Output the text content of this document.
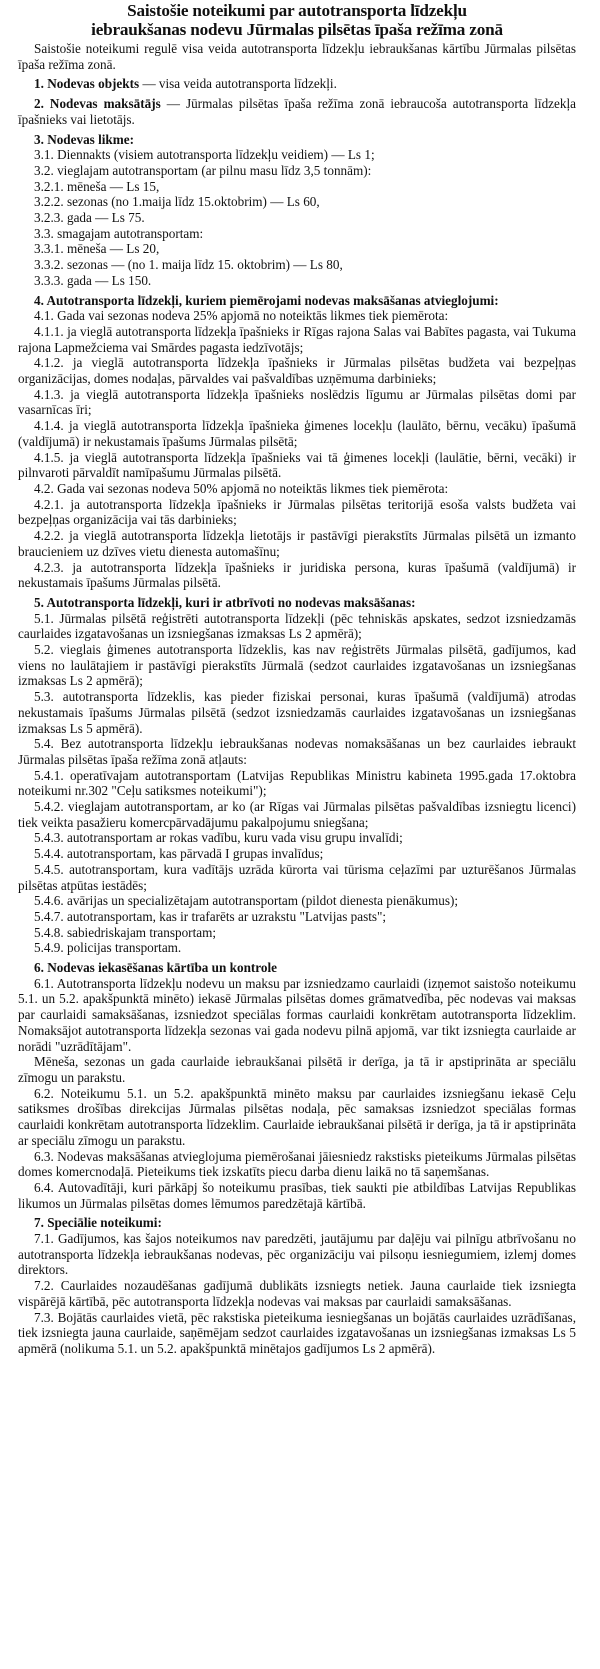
Saistošie noteikumi par autotransporta līdzekļu
iebraukšanas nodevu Jūrmalas pilsētas īpaša režīma zonā

Saistošie noteikumi regulē visa veida autotransporta līdzekļu iebraukšanas kārtību Jūrmalas pilsētas īpaša režīma zonā.

1. Nodevas objekts — visa veida autotransporta līdzekļi.

2. Nodevas maksātājs — Jūrmalas pilsētas īpaša režīma zonā iebraucoša autotransporta līdzekļa īpašnieks vai lietotājs.

3. Nodevas likme:

3.1. Diennakts (visiem autotransporta līdzekļu veidiem) — Ls 1;

3.2. vieglajam autotransportam (ar pilnu masu līdz 3,5 tonnām):

3.2.1. mēneša — Ls 15,

3.2.2. sezonas (no 1.maija līdz 15.oktobrim) — Ls 60,

3.2.3. gada — Ls 75.

3.3. smagajam autotransportam:

3.3.1. mēneša — Ls 20,

3.3.2. sezonas — (no 1. maija līdz 15. oktobrim) — Ls 80,

3.3.3. gada — Ls 150.

4. Autotransporta līdzekļi, kuriem piemērojami nodevas maksāšanas atvieglojumi:

4.1. Gada vai sezonas nodeva 25% apjomā no noteiktās likmes tiek piemērota:

4.1.1. ja vieglā autotransporta līdzekļa īpašnieks ir Rīgas rajona Salas vai Babītes pagasta, vai Tukuma rajona Lapmežciema vai Smārdes pagasta iedzīvotājs;

4.1.2. ja vieglā autotransporta līdzekļa īpašnieks ir Jūrmalas pilsētas budžeta vai bezpeļņas organizācijas, domes nodaļas, pārvaldes vai pašvaldības uzņēmuma darbinieks;

4.1.3. ja vieglā autotransporta līdzekļa īpašnieks noslēdzis līgumu ar Jūrmalas pilsētas domi par vasarnīcas īri;

4.1.4. ja vieglā autotransporta līdzekļa īpašnieka ģimenes locekļu (laulāto, bērnu, vecāku) īpašumā (valdījumā) ir nekustamais īpašums Jūrmalas pilsētā;

4.1.5. ja vieglā autotransporta līdzekļa īpašnieks vai tā ģimenes locekļi (laulātie, bērni, vecāki) ir pilnvaroti pārvaldīt namīpašumu Jūrmalas pilsētā.

4.2. Gada vai sezonas nodeva 50% apjomā no noteiktās likmes tiek piemērota:

4.2.1. ja autotransporta līdzekļa īpašnieks ir Jūrmalas pilsētas teritorijā esoša valsts budžeta vai bezpeļņas organizācija vai tās darbinieks;

4.2.2. ja vieglā autotransporta līdzekļa lietotājs ir pastāvīgi pierakstīts Jūrmalas pilsētā un izmanto braucieniem uz dzīves vietu dienesta automašīnu;

4.2.3. ja autotransporta līdzekļa īpašnieks ir juridiska persona, kuras īpašumā (valdījumā) ir nekustamais īpašums Jūrmalas pilsētā.

5. Autotransporta līdzekļi, kuri ir atbrīvoti no nodevas maksāšanas:

5.1. Jūrmalas pilsētā reģistrēti autotransporta līdzekļi (pēc tehniskās apskates, sedzot izsniedzamās caurlaides izgatavošanas un izsniegšanas izmaksas Ls 2 apmērā);

5.2. vieglais ģimenes autotransporta līdzeklis, kas nav reģistrēts Jūrmalas pilsētā, gadījumos, kad viens no laulātajiem ir pastāvīgi pierakstīts Jūrmalā (sedzot caurlaides izgatavošanas un izsniegšanas izmaksas Ls 2 apmērā);

5.3. autotransporta līdzeklis, kas pieder fiziskai personai, kuras īpašumā (valdījumā) atrodas nekustamais īpašums Jūrmalas pilsētā (sedzot izsniedzamās caurlaides izgatavošanas un izsniegšanas izmaksas Ls 5 apmērā).

5.4. Bez autotransporta līdzekļu iebraukšanas nodevas nomaksāšanas un bez caurlaides iebraukt Jūrmalas pilsētas īpaša režīma zonā atļauts:

5.4.1. operatīvajam autotransportam (Latvijas Republikas Ministru kabineta 1995.gada 17.oktobra noteikumi nr.302 "Ceļu satiksmes noteikumi");

5.4.2. vieglajam autotransportam, ar ko (ar Rīgas vai Jūrmalas pilsētas pašvaldības izsniegtu licenci) tiek veikta pasažieru komercpārvadājumu pakalpojumu sniegšana;

5.4.3. autotransportam ar rokas vadību, kuru vada visu grupu invalīdi;

5.4.4. autotransportam, kas pārvadā I grupas invalīdus;

5.4.5. autotransportam, kura vadītājs uzrāda kūrorta vai tūrisma ceļazīmi par uzturēšanos Jūrmalas pilsētas atpūtas iestādēs;

5.4.6. avārijas un specializētajam autotransportam (pildot dienesta pienākumus);

5.4.7. autotransportam, kas ir trafarēts ar uzrakstu "Latvijas pasts";

5.4.8. sabiedriskajam transportam;

5.4.9. policijas transportam.

6. Nodevas iekasēšanas kārtība un kontrole

6.1. Autotransporta līdzekļu nodevu un maksu par izsniedzamo caurlaidi (izņemot saistošo noteikumu 5.1. un 5.2. apakšpunktā minēto) iekasē Jūrmalas pilsētas domes grāmatvedība, pēc nodevas vai maksas par caurlaidi samaksāšanas, izsniedzot speciālas formas caurlaidi konkrētam autotransporta līdzeklim. Nomaksājot autotransporta līdzekļa sezonas vai gada nodevu pilnā apjomā, var tikt izsniegta caurlaide ar norādi "uzrādītājam".

Mēneša, sezonas un gada caurlaide iebraukšanai pilsētā ir derīga, ja tā ir apstiprināta ar speciālu zīmogu un parakstu.

6.2. Noteikumu 5.1. un 5.2. apakšpunktā minēto maksu par caurlaides izsniegšanu iekasē Ceļu satiksmes drošības direkcijas Jūrmalas pilsētas nodaļa, pēc samaksas izsniedzot speciālas formas caurlaidi konkrētam autotransporta līdzeklim. Caurlaide iebraukšanai pilsētā ir derīga, ja tā ir apstiprināta ar speciālu zīmogu un parakstu.

6.3. Nodevas maksāšanas atvieglojuma piemērošanai jāiesniedz rakstisks pieteikums Jūrmalas pilsētas domes komercnodaļā. Pieteikums tiek izskatīts piecu darba dienu laikā no tā saņemšanas.

6.4. Autovadītāji, kuri pārkāpj šo noteikumu prasības, tiek saukti pie atbildības Latvijas Republikas likumos un Jūrmalas pilsētas domes lēmumos paredzētajā kārtībā.

7. Speciālie noteikumi:

7.1. Gadījumos, kas šajos noteikumos nav paredzēti, jautājumu par daļēju vai pilnīgu atbrīvošanu no autotransporta līdzekļa iebraukšanas nodevas, pēc organizāciju vai pilsoņu iesniegumiem, izlemj domes direktors.

7.2. Caurlaides nozaudēšanas gadījumā dublikāts izsniegts netiek. Jauna caurlaide tiek izsniegta vispārējā kārtībā, pēc autotransporta līdzekļa nodevas vai maksas par caurlaidi samaksāšanas.

7.3. Bojātās caurlaides vietā, pēc rakstiska pieteikuma iesniegšanas un bojātās caurlaides uzrādīšanas, tiek izsniegta jauna caurlaide, saņēmējam sedzot caurlaides izgatavošanas un izsniegšanas izmaksas Ls 5 apmērā (nolikuma 5.1. un 5.2. apakšpunktā minētajos gadījumos Ls 2 apmērā).
